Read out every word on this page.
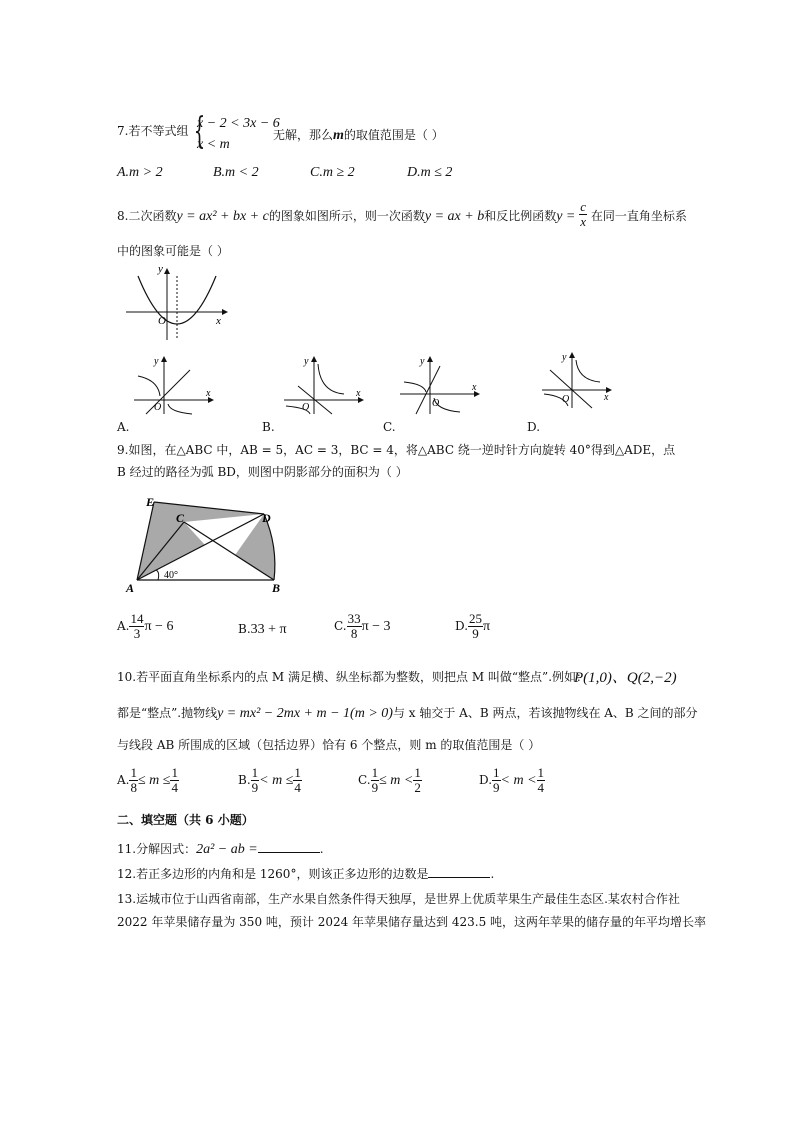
7.若不等式组 {
x − 2 < 3x − 6
x < m
无解，那么m的取值范围是（ ）
A.m > 2	B.m < 2	C.m ≥ 2	D.m ≤ 2
8.二次函数y = ax² + bx + c的图象如图所示，则一次函数y = ax + b和反比例函数$y = \frac{c}{x}$ 在同一直角坐标系
中的图象可能是（ ）
y
x
O
y
x
O
A.
y
x
O
B.
y
x
O
C.
y
x
O
D.
9.如图，在△ABC 中，AB = 5，AC = 3，BC = 4，将△ABC 绕一逆时针方向旋转 40°得到△ADE，点
B 经过的路径为弧 BD，则图中阴影部分的面积为（ ）
E
C	D
A	B
40°
A. $\frac{14}{3}$ π − 6	B.33 + π	C. $\frac{33}{8}$ π − 3	D. $\frac{25}{9}$ π
10.若平面直角坐标系内的点 M 满足横、纵坐标都为整数，则把点 M 叫做“整点”.例如：
P(1,0)、Q(2,−2)
都是“整点”.抛物线y = mx² − 2mx + m − 1(m > 0)与 x 轴交于 A、B 两点，若该抛物线在 A、B 之间的部分
与线段 AB 所围成的区域（包括边界）恰有 6 个整点，则 m 的取值范围是（ ）
A. $\frac{1}{8} \le m \le \frac{1}{4}$	B. $\frac{1}{9} < m \le \frac{1}{4}$	C. $\frac{1}{9} \le m < \frac{1}{2}$	D. $\frac{1}{9} < m < \frac{1}{4}$
二、填空题（共 6 小题）
11.分解因式：2a² − ab =	.
12.若正多边形的内角和是 1260°，则该正多边形的边数是	.
13.运城市位于山西省南部，生产水果自然条件得天独厚，是世界上优质苹果生产最佳生态区.某农村合作社
2022 年苹果储存量为 350 吨，预计 2024 年苹果储存量达到 423.5 吨，这两年苹果的储存量的年平均增长率
